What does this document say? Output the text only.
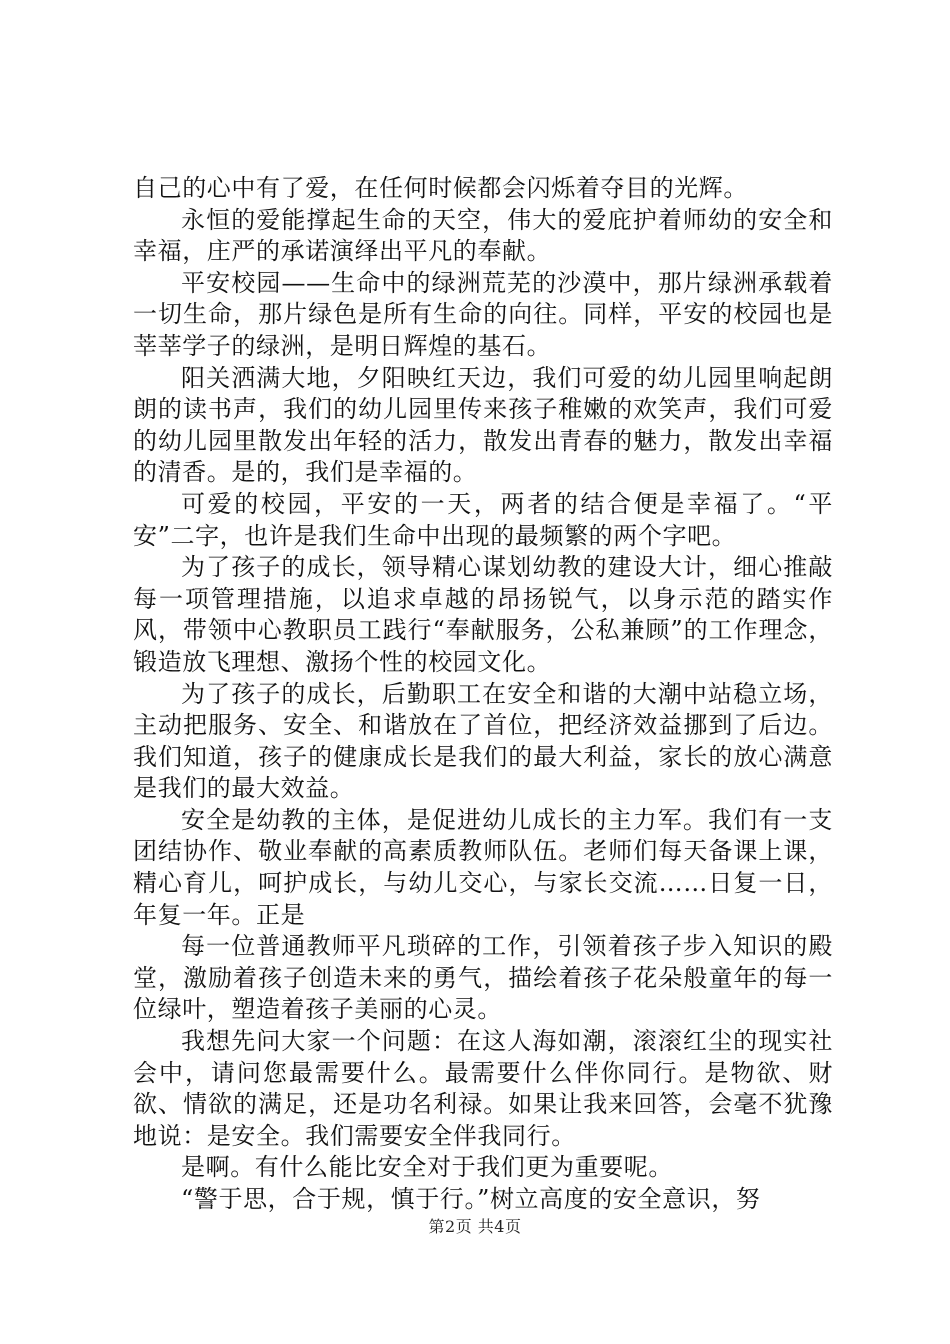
自己的心中有了爱，在任何时候都会闪烁着夺目的光辉。

永恒的爱能撑起生命的天空，伟大的爱庇护着师幼的安全和幸福，庄严的承诺演绎出平凡的奉献。

平安校园——生命中的绿洲荒芜的沙漠中，那片绿洲承载着一切生命，那片绿色是所有生命的向往。同样，平安的校园也是莘莘学子的绿洲，是明日辉煌的基石。

阳关洒满大地，夕阳映红天边，我们可爱的幼儿园里响起朗朗的读书声，我们的幼儿园里传来孩子稚嫩的欢笑声，我们可爱的幼儿园里散发出年轻的活力，散发出青春的魅力，散发出幸福的清香。是的，我们是幸福的。

可爱的校园，平安的一天，两者的结合便是幸福了。“平安”二字，也许是我们生命中出现的最频繁的两个字吧。

为了孩子的成长，领导精心谋划幼教的建设大计，细心推敲每一项管理措施，以追求卓越的昂扬锐气，以身示范的踏实作风，带领中心教职员工践行“奉献服务，公私兼顾”的工作理念，锻造放飞理想、激扬个性的校园文化。

为了孩子的成长，后勤职工在安全和谐的大潮中站稳立场，主动把服务、安全、和谐放在了首位，把经济效益挪到了后边。我们知道，孩子的健康成长是我们的最大利益，家长的放心满意是我们的最大效益。

安全是幼教的主体，是促进幼儿成长的主力军。我们有一支团结协作、敬业奉献的高素质教师队伍。老师们每天备课上课，精心育儿，呵护成长，与幼儿交心，与家长交流……日复一日，年复一年。正是

每一位普通教师平凡琐碎的工作，引领着孩子步入知识的殿堂，激励着孩子创造未来的勇气，描绘着孩子花朵般童年的每一位绿叶，塑造着孩子美丽的心灵。

我想先问大家一个问题：在这人海如潮，滚滚红尘的现实社会中，请问您最需要什么。最需要什么伴你同行。是物欲、财欲、情欲的满足，还是功名利禄。如果让我来回答，会毫不犹豫地说：是安全。我们需要安全伴我同行。

是啊。有什么能比安全对于我们更为重要呢。

“警于思，合于规，慎于行。”树立高度的安全意识，努

第2页 共4页
